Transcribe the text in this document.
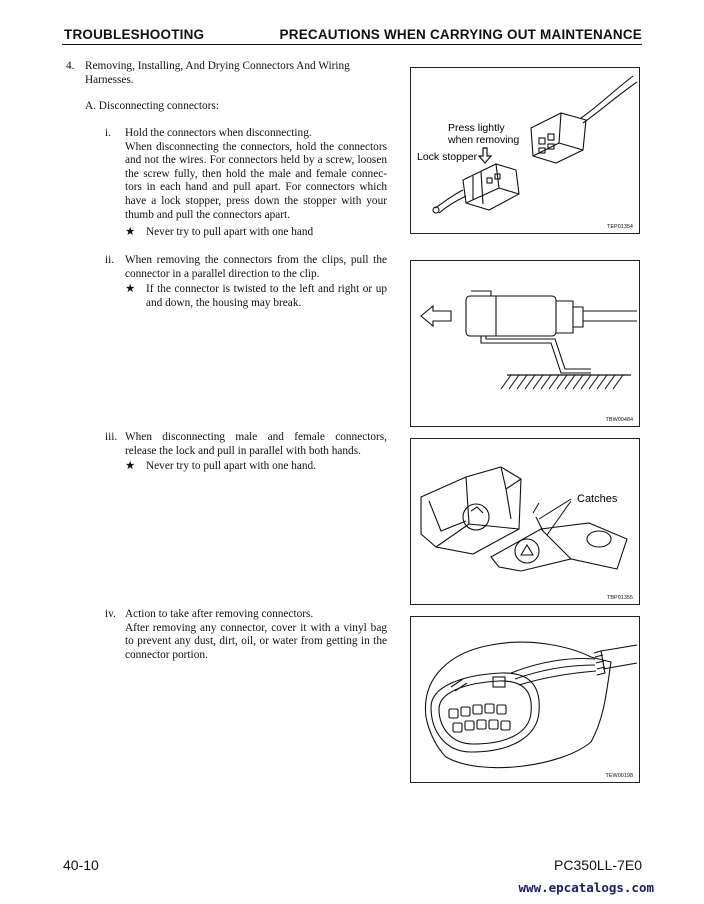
TROUBLESHOOTING	PRECAUTIONS WHEN CARRYING OUT MAINTENANCE
4. Removing, Installing, And Drying Connectors And Wiring
Harnesses.
A. Disconnecting connectors:
i. Hold the connectors when disconnecting.
When disconnecting the connectors, hold the connectors
and not the wires. For connectors held by a screw, loosen
the screw fully, then hold the male and female connec-
tors in each hand and pull apart. For connectors which
have a lock stopper, press down the stopper with your
thumb and pull the connectors apart.
★ Never try to pull apart with one hand
ii. When removing the connectors from the clips, pull the
connector in a parallel direction to the clip.
★ If the connector is twisted to the left and right or up
and down, the housing may break.
iii. When disconnecting male and female connectors,
release the lock and pull in parallel with both hands.
★ Never try to pull apart with one hand.
iv. Action to take after removing connectors.
After removing any connector, cover it with a vinyl bag
to prevent any dust, dirt, oil, or water from getting in the
connector portion.
Press lightly
when removing
Lock stopper
TEP01354
TBW00484
Catches
TBP01355
TEW00198
40-10	PC350LL-7E0
www.epcatalogs.com
